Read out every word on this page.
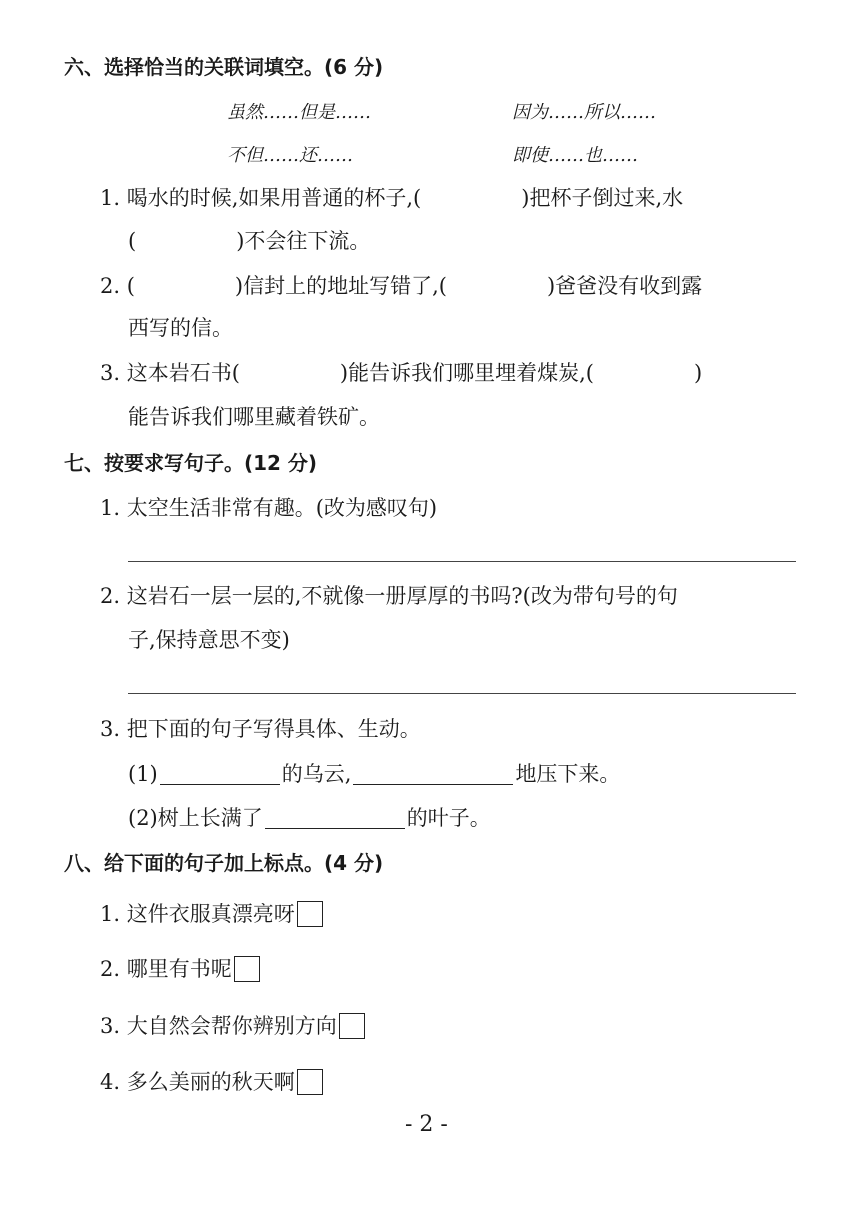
六、选择恰当的关联词填空。(6 分)
虽然……但是……	因为……所以……
不但……还……	即使……也……
1. 喝水的时候,如果用普通的杯子,(	)把杯子倒过来,水
(	)不会往下流。
2. (	)信封上的地址写错了,(	)爸爸没有收到露
西写的信。
3. 这本岩石书(	)能告诉我们哪里埋着煤炭,(	)
能告诉我们哪里藏着铁矿。
七、按要求写句子。(12 分)
1. 太空生活非常有趣。(改为感叹句)
2. 这岩石一层一层的,不就像一册厚厚的书吗?(改为带句号的句
子,保持意思不变)
3. 把下面的句子写得具体、生动。
(1)	的乌云,	地压下来。
(2)树上长满了	的叶子。
八、给下面的句子加上标点。(4 分)
1. 这件衣服真漂亮呀
2. 哪里有书呢
3. 大自然会帮你辨别方向
4. 多么美丽的秋天啊
- 2 -
